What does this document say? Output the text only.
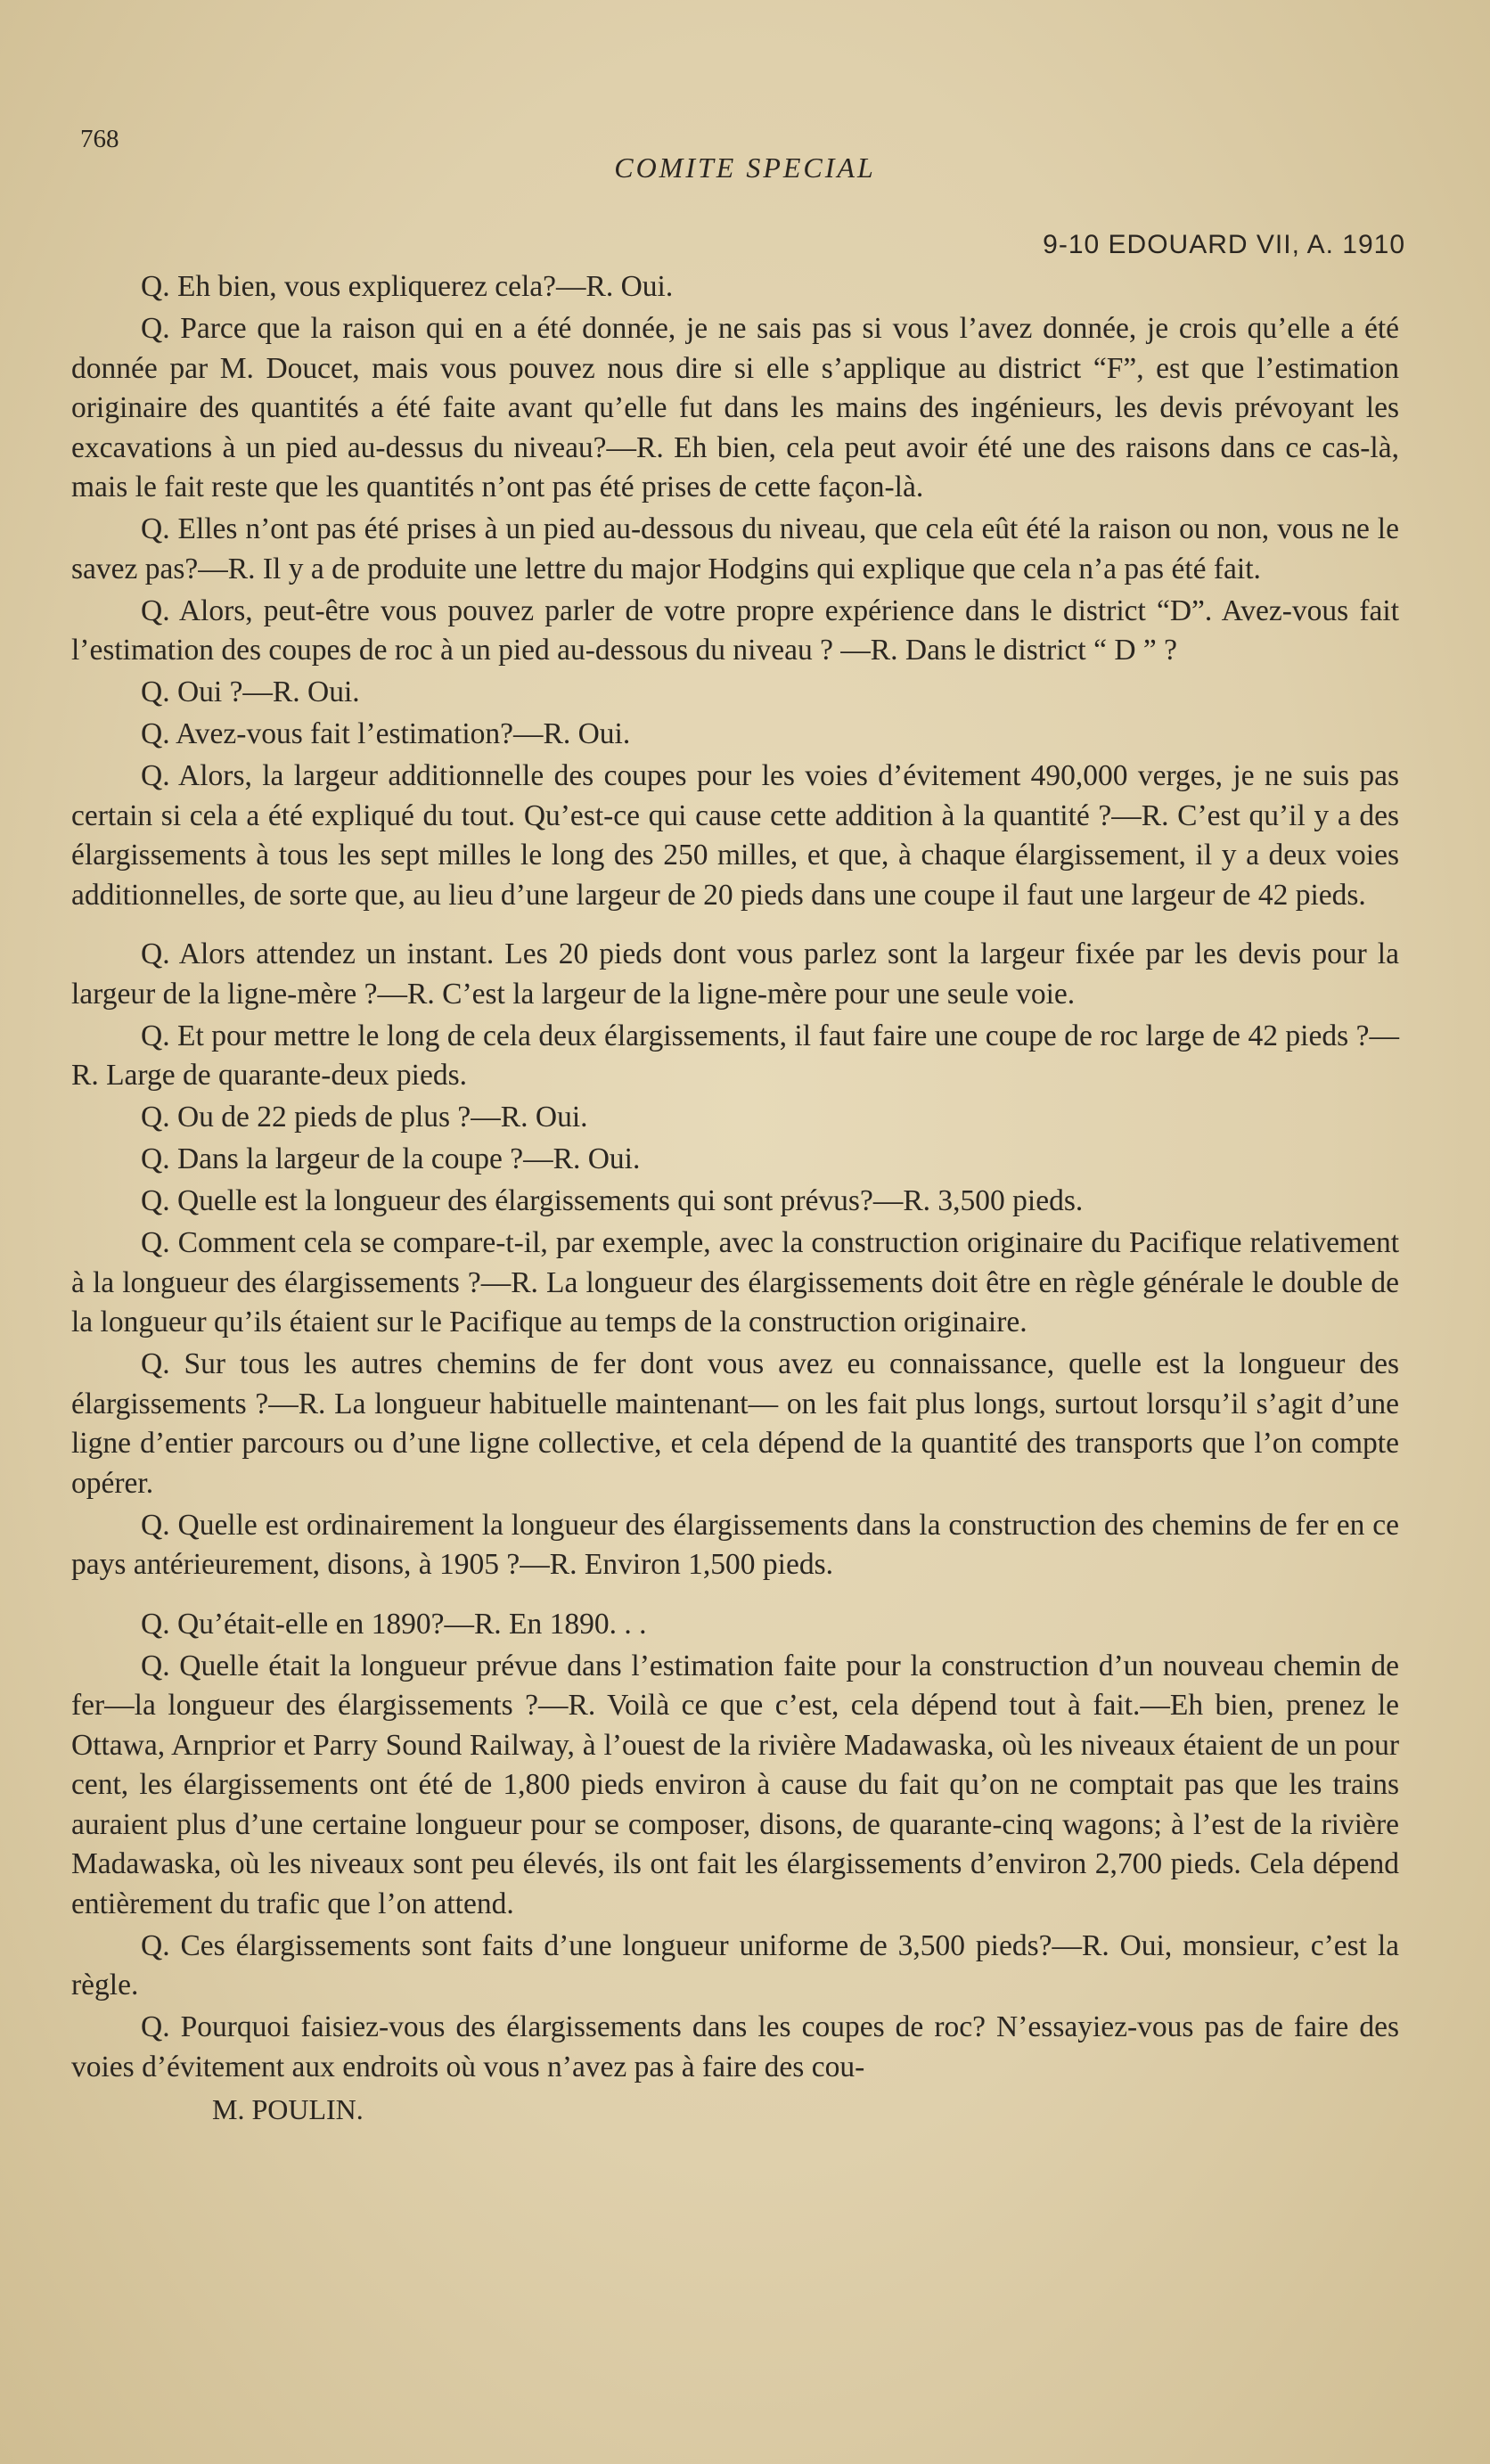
768
COMITE SPECIAL
9-10 EDOUARD VII, A. 1910

Q. Eh bien, vous expliquerez cela?—R. Oui.

Q. Parce que la raison qui en a été donnée, je ne sais pas si vous l’avez donnée, je crois qu’elle a été donnée par M. Doucet, mais vous pouvez nous dire si elle s’applique au district “F”, est que l’estimation originaire des quantités a été faite avant qu’elle fut dans les mains des ingénieurs, les devis prévoyant les excavations à un pied au-dessus du niveau?—R. Eh bien, cela peut avoir été une des raisons dans ce cas-là, mais le fait reste que les quantités n’ont pas été prises de cette façon-là.

Q. Elles n’ont pas été prises à un pied au-dessous du niveau, que cela eût été la raison ou non, vous ne le savez pas?—R. Il y a de produite une lettre du major Hodgins qui explique que cela n’a pas été fait.

Q. Alors, peut-être vous pouvez parler de votre propre expérience dans le district “D”. Avez-vous fait l’estimation des coupes de roc à un pied au-dessous du niveau ? —R. Dans le district “ D ” ?

Q. Oui ?—R. Oui.

Q. Avez-vous fait l’estimation?—R. Oui.

Q. Alors, la largeur additionnelle des coupes pour les voies d’évitement 490,000 verges, je ne suis pas certain si cela a été expliqué du tout. Qu’est-ce qui cause cette addition à la quantité ?—R. C’est qu’il y a des élargissements à tous les sept milles le long des 250 milles, et que, à chaque élargissement, il y a deux voies additionnelles, de sorte que, au lieu d’une largeur de 20 pieds dans une coupe il faut une largeur de 42 pieds.

Q. Alors attendez un instant. Les 20 pieds dont vous parlez sont la largeur fixée par les devis pour la largeur de la ligne-mère ?—R. C’est la largeur de la ligne-mère pour une seule voie.

Q. Et pour mettre le long de cela deux élargissements, il faut faire une coupe de roc large de 42 pieds ?—R. Large de quarante-deux pieds.

Q. Ou de 22 pieds de plus ?—R. Oui.

Q. Dans la largeur de la coupe ?—R. Oui.

Q. Quelle est la longueur des élargissements qui sont prévus?—R. 3,500 pieds.

Q. Comment cela se compare-t-il, par exemple, avec la construction originaire du Pacifique relativement à la longueur des élargissements ?—R. La longueur des élargissements doit être en règle générale le double de la longueur qu’ils étaient sur le Pacifique au temps de la construction originaire.

Q. Sur tous les autres chemins de fer dont vous avez eu connaissance, quelle est la longueur des élargissements ?—R. La longueur habituelle maintenant— on les fait plus longs, surtout lorsqu’il s’agit d’une ligne d’entier parcours ou d’une ligne collective, et cela dépend de la quantité des transports que l’on compte opérer.

Q. Quelle est ordinairement la longueur des élargissements dans la construction des chemins de fer en ce pays antérieurement, disons, à 1905 ?—R. Environ 1,500 pieds.

Q. Qu’était-elle en 1890?—R. En 1890. . .

Q. Quelle était la longueur prévue dans l’estimation faite pour la construction d’un nouveau chemin de fer—la longueur des élargissements ?—R. Voilà ce que c’est, cela dépend tout à fait.—Eh bien, prenez le Ottawa, Arnprior et Parry Sound Railway, à l’ouest de la rivière Madawaska, où les niveaux étaient de un pour cent, les élargissements ont été de 1,800 pieds environ à cause du fait qu’on ne comptait pas que les trains auraient plus d’une certaine longueur pour se composer, disons, de quarante-cinq wagons; à l’est de la rivière Madawaska, où les niveaux sont peu élevés, ils ont fait les élargissements d’environ 2,700 pieds. Cela dépend entièrement du trafic que l’on attend.

Q. Ces élargissements sont faits d’une longueur uniforme de 3,500 pieds?—R. Oui, monsieur, c’est la règle.

Q. Pourquoi faisiez-vous des élargissements dans les coupes de roc? N’essayiez-vous pas de faire des voies d’évitement aux endroits où vous n’avez pas à faire des cou-

M. POULIN.
